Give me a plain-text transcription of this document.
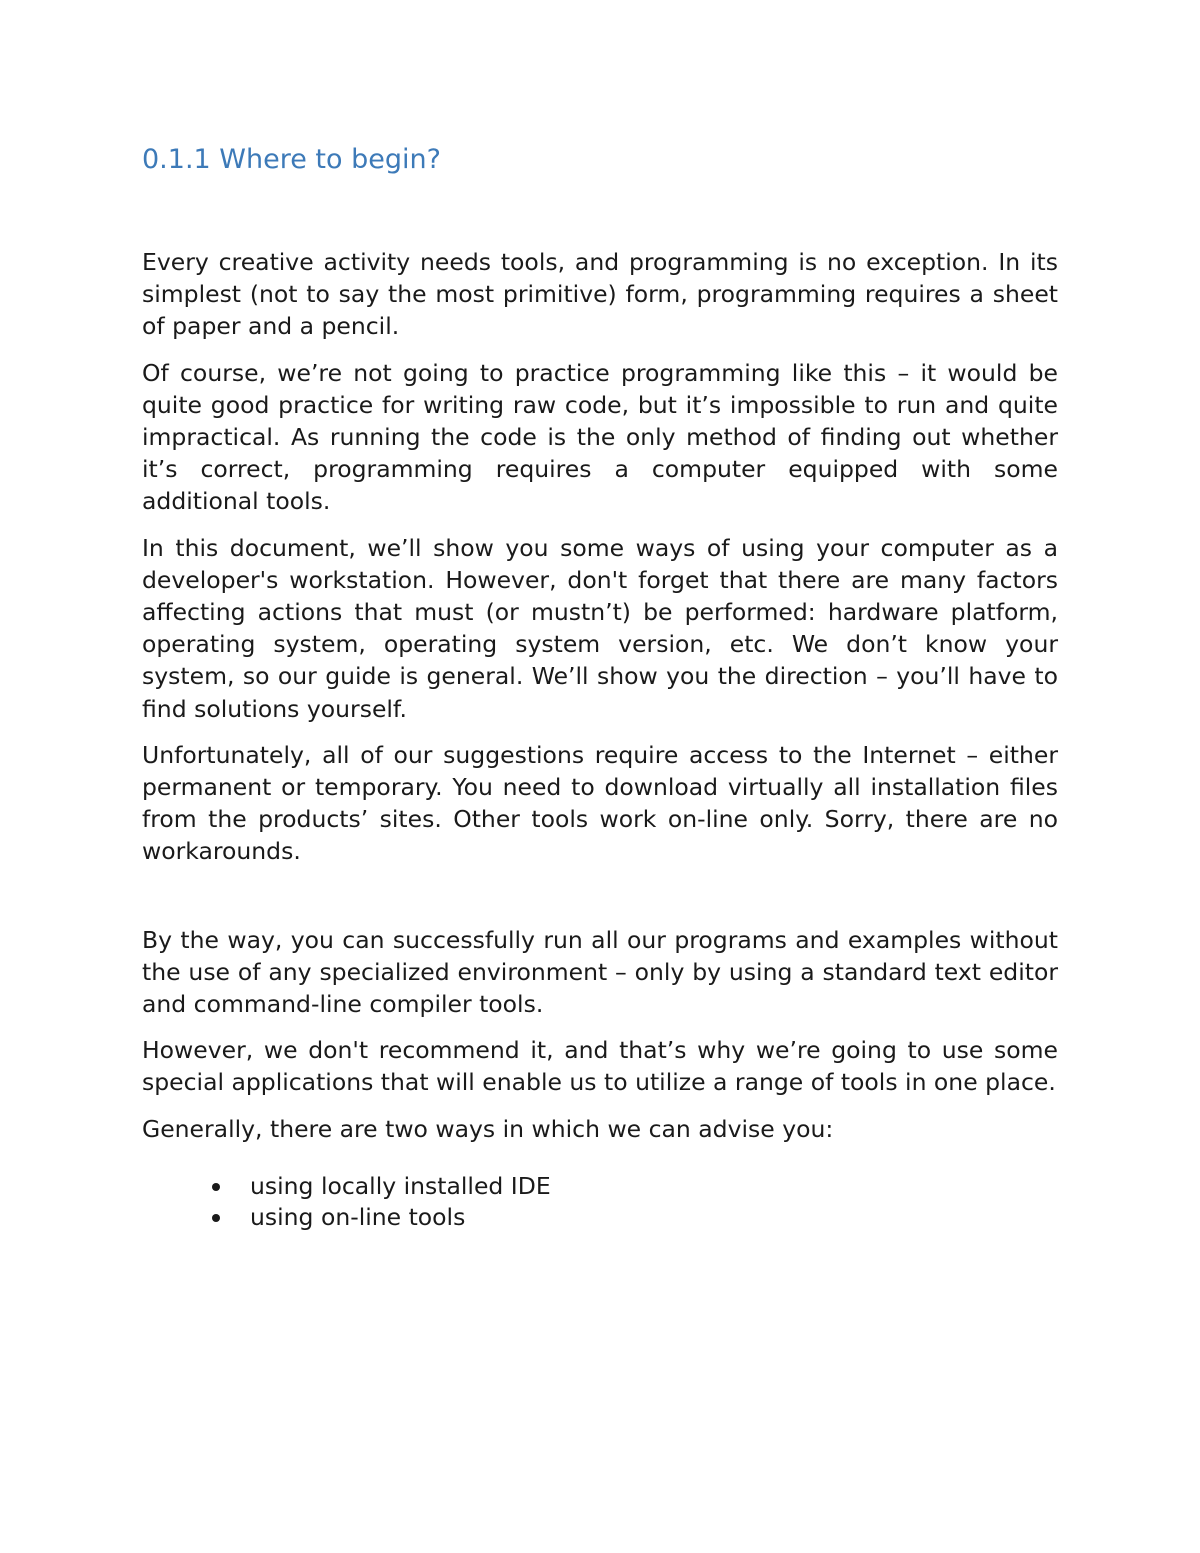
0.1.1 Where to begin?

Every creative activity needs tools, and programming is no exception. In its simplest (not to say the most primitive) form, programming requires a sheet of paper and a pencil.

Of course, we’re not going to practice programming like this – it would be quite good practice for writing raw code, but it’s impossible to run and quite impractical. As running the code is the only method of finding out whether it’s correct, programming requires a computer equipped with some additional tools.

In this document, we’ll show you some ways of using your computer as a developer's workstation. However, don't forget that there are many factors affecting actions that must (or mustn’t) be performed: hardware platform, operating system, operating system version, etc. We don’t know your system, so our guide is general. We’ll show you the direction – you’ll have to find solutions yourself.

Unfortunately, all of our suggestions require access to the Internet – either permanent or temporary. You need to download virtually all installation files from the products’ sites. Other tools work on-line only. Sorry, there are no workarounds.

By the way, you can successfully run all our programs and examples without the use of any specialized environment – only by using a standard text editor and command-line compiler tools.

However, we don't recommend it, and that’s why we’re going to use some special applications that will enable us to utilize a range of tools in one place.

Generally, there are two ways in which we can advise you:

using locally installed IDE
using on-line tools
